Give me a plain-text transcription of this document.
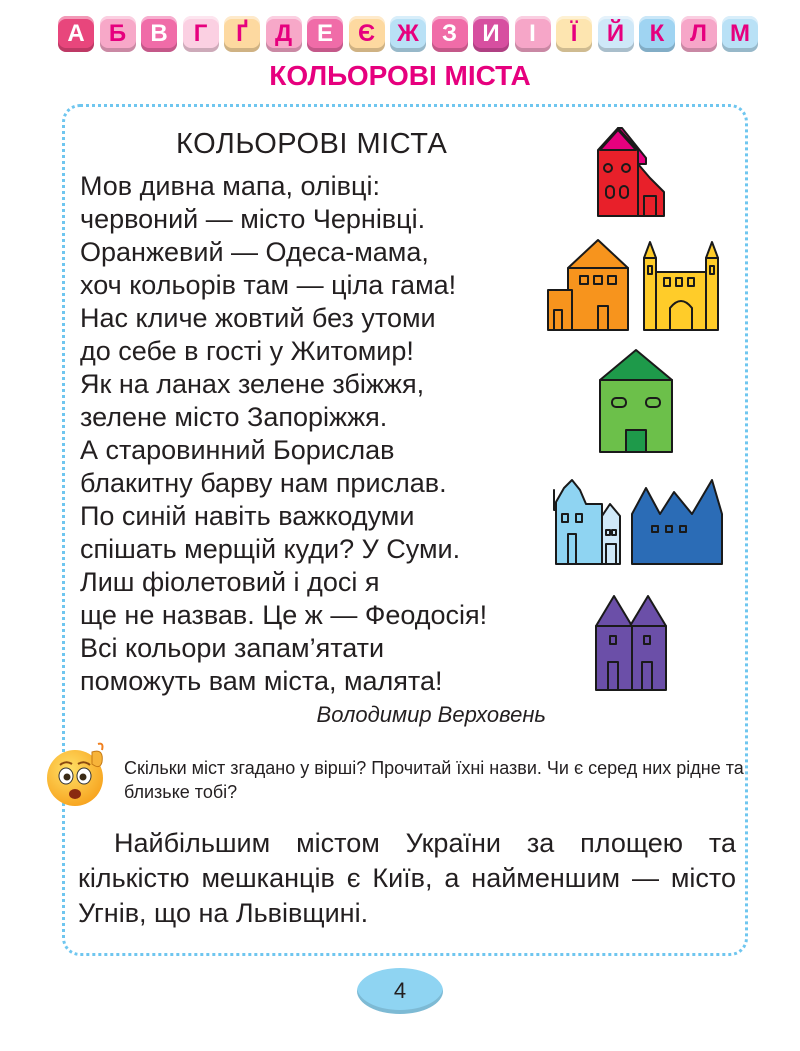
А	Б	В	Г	Ґ	Д	Е	Є Ж З	И	І	Ї	Й	К	Л М
КОЛЬОРОВІ МІСТА
КОЛЬОРОВІ МІСТА
Мов дивна мапа, олівці:
червоний — місто Чернівці.
Оранжевий — Одеса-мама,
хоч кольорів там — ціла гама!
Нас кличе жовтий без утоми
до себе в гості у Житомир!
Як на ланах зелене збіжжя,
зелене місто Запоріжжя.
А старовинний Борислав
блакитну барву нам прислав.
По синій навіть важкодуми
спішать мерщій куди? У Суми.
Лиш фіолетовий і досі я
ще не назвав. Це ж — Феодосія!
Всі кольори запам’ятати
поможуть вам міста, малята!
Володимир Верховень
Скільки міст згадано у вірші? Прочитай їхні назви. Чи є серед них рідне та близьке тобі?
Найбільшим містом України за площею та кількістю мешканців є Київ, а найменшим — місто Угнів, що на Львівщині.
4
